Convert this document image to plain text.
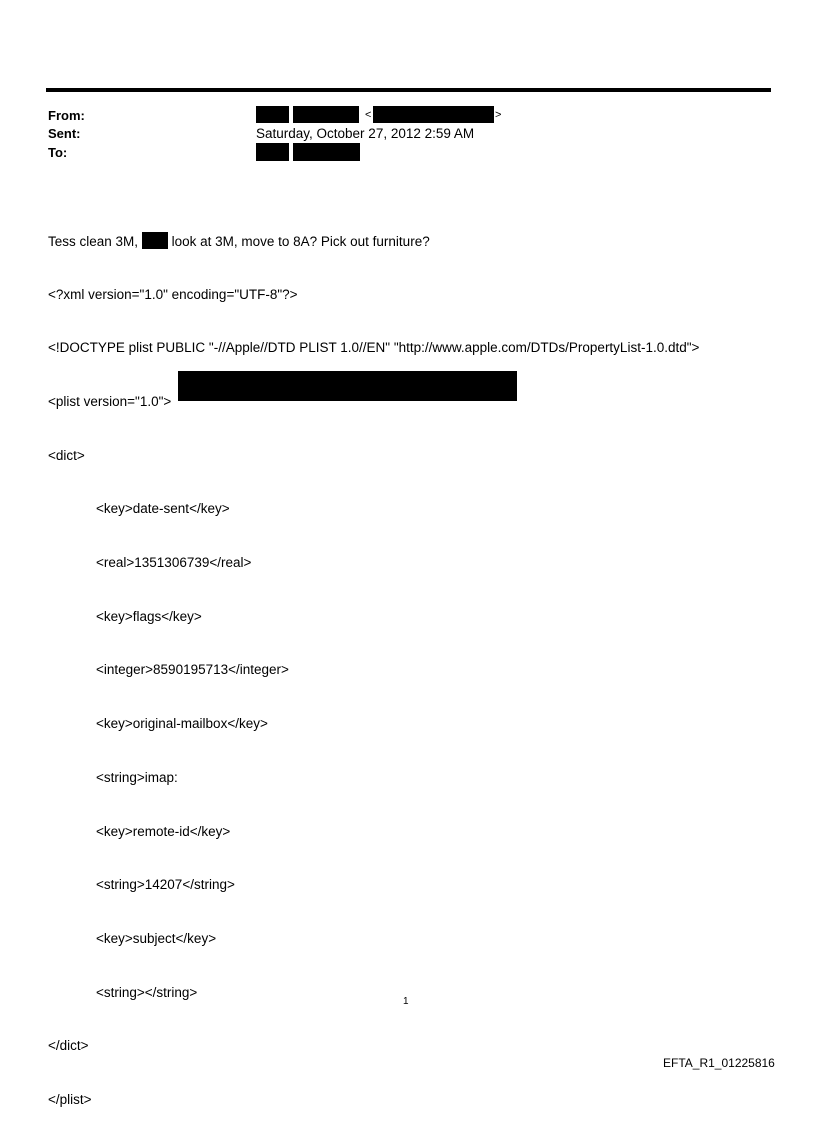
From:
Sent:
To:
<	>
Saturday, October 27, 2012 2:59 AM

Tess clean 3M, look at 3M, move to 8A? Pick out furniture?

<?xml version="1.0" encoding="UTF-8"?>

<!DOCTYPE plist PUBLIC "-//Apple//DTD PLIST 1.0//EN" "http://www.apple.com/DTDs/PropertyList-1.0.dtd">

<plist version="1.0">

<dict>

<key>date-sent</key>

<real>1351306739</real>

<key>flags</key>

<integer>8590195713</integer>

<key>original-mailbox</key>

<string>imap:

<key>remote-id</key>

<string>14207</string>

<key>subject</key>

<string></string>

</dict>

</plist>

1
EFTA_R1_01225816
